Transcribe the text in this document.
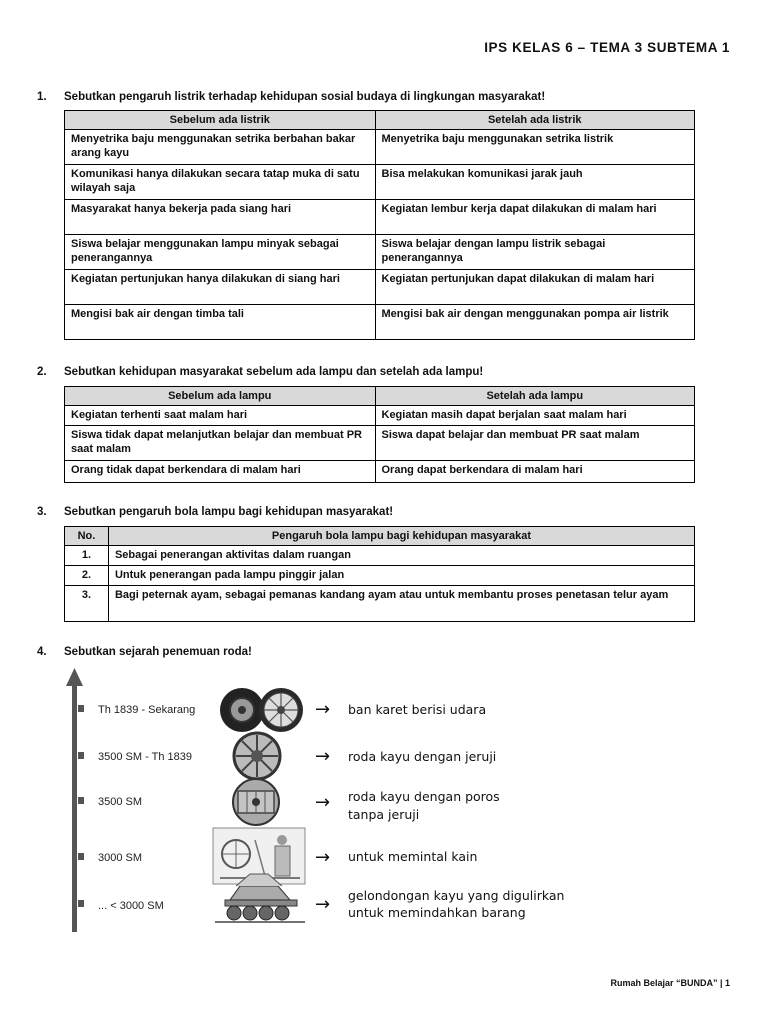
IPS KELAS 6 – TEMA 3 SUBTEMA 1
1. Sebutkan pengaruh listrik terhadap kehidupan sosial budaya di lingkungan masyarakat!
Sebelum ada listrik	Setelah ada listrik
Menyetrika baju menggunakan setrika berbahan bakar arang kayu	Menyetrika baju menggunakan setrika listrik
Komunikasi hanya dilakukan secara tatap muka di satu wilayah saja	Bisa melakukan komunikasi jarak jauh
Masyarakat hanya bekerja pada siang hari	Kegiatan lembur kerja dapat dilakukan di malam hari
Siswa belajar menggunakan lampu minyak sebagai penerangannya	Siswa belajar dengan lampu listrik sebagai penerangannya
Kegiatan pertunjukan hanya dilakukan di siang hari	Kegiatan pertunjukan dapat dilakukan di malam hari
Mengisi bak air dengan timba tali	Mengisi bak air dengan menggunakan pompa air listrik
2. Sebutkan kehidupan masyarakat sebelum ada lampu dan setelah ada lampu!
Sebelum ada lampu	Setelah ada lampu
Kegiatan terhenti saat malam hari	Kegiatan masih dapat berjalan saat malam hari
Siswa tidak dapat melanjutkan belajar dan membuat PR saat malam	Siswa dapat belajar dan membuat PR saat malam
Orang tidak dapat berkendara di malam hari	Orang dapat berkendara di malam hari
3. Sebutkan pengaruh bola lampu bagi kehidupan masyarakat!
No.	Pengaruh bola lampu bagi kehidupan masyarakat
1.	Sebagai penerangan aktivitas dalam ruangan
2.	Untuk penerangan pada lampu pinggir jalan
3.	Bagi peternak ayam, sebagai pemanas kandang ayam atau untuk membantu proses penetasan telur ayam
4. Sebutkan sejarah penemuan roda!
Th 1839 - Sekarang	→ ban karet berisi udara
3500 SM - Th 1839	→ roda kayu dengan jeruji
3500 SM	→ roda kayu dengan poros
tanpa jeruji
3000 SM	→ untuk memintal kain
... < 3000 SM	→ gelondongan kayu yang digulirkan
untuk memindahkan barang
Rumah Belajar “BUNDA” | 1
